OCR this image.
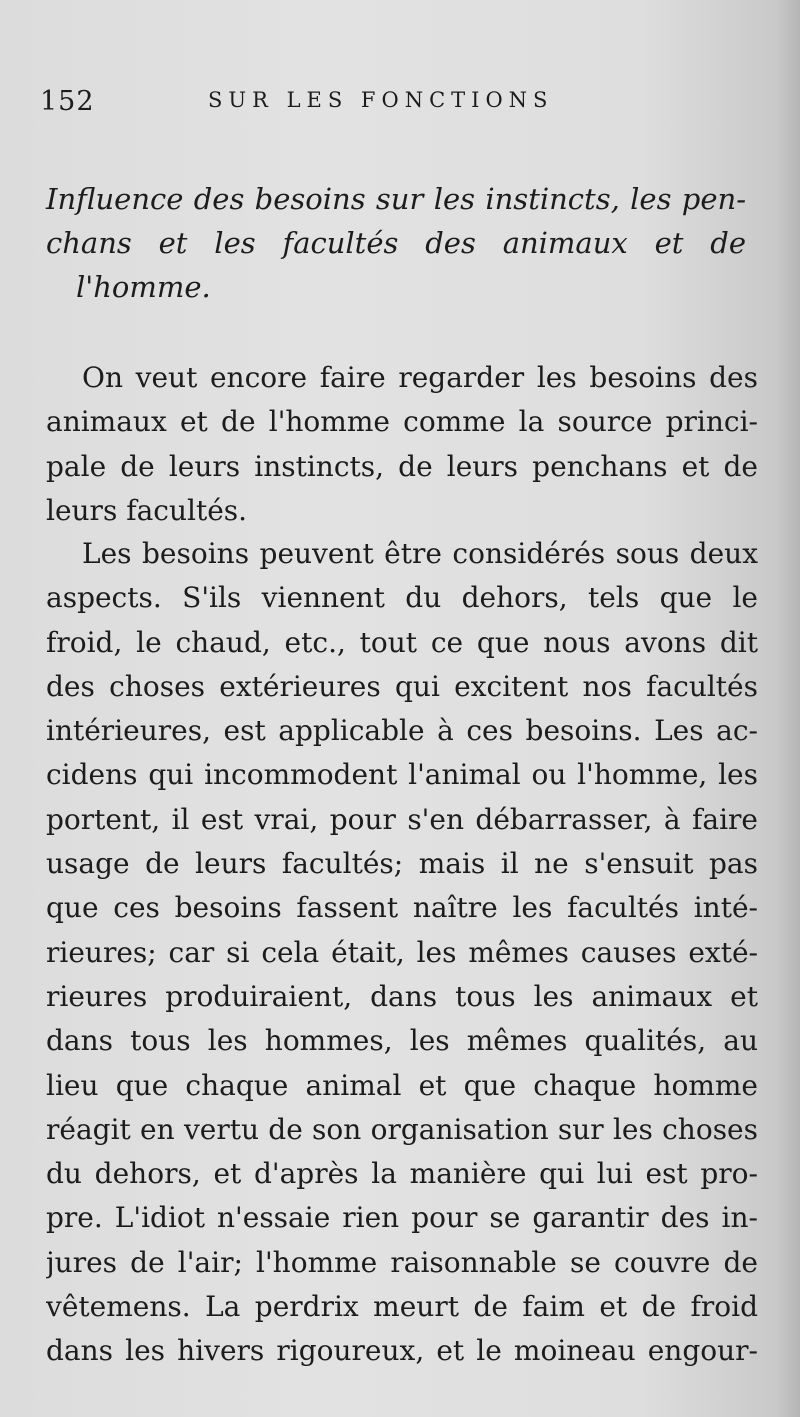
152	SUR LES FONCTIONS
Influence des besoins sur les instincts, les pen-
chans et les facultés des animaux et de
l'homme.
On veut encore faire regarder les besoins des
animaux et de l'homme comme la source princi-
pale de leurs instincts, de leurs penchans et de
leurs facultés.
Les besoins peuvent être considérés sous deux
aspects. S'ils viennent du dehors, tels que le
froid, le chaud, etc., tout ce que nous avons dit
des choses extérieures qui excitent nos facultés
intérieures, est applicable à ces besoins. Les ac-
cidens qui incommodent l'animal ou l'homme, les
portent, il est vrai, pour s'en débarrasser, à faire
usage de leurs facultés; mais il ne s'ensuit pas
que ces besoins fassent naître les facultés inté-
rieures; car si cela était, les mêmes causes exté-
rieures produiraient, dans tous les animaux et
dans tous les hommes, les mêmes qualités, au
lieu que chaque animal et que chaque homme
réagit en vertu de son organisation sur les choses
du dehors, et d'après la manière qui lui est pro-
pre. L'idiot n'essaie rien pour se garantir des in-
jures de l'air; l'homme raisonnable se couvre de
vêtemens. La perdrix meurt de faim et de froid
dans les hivers rigoureux, et le moineau engour-
